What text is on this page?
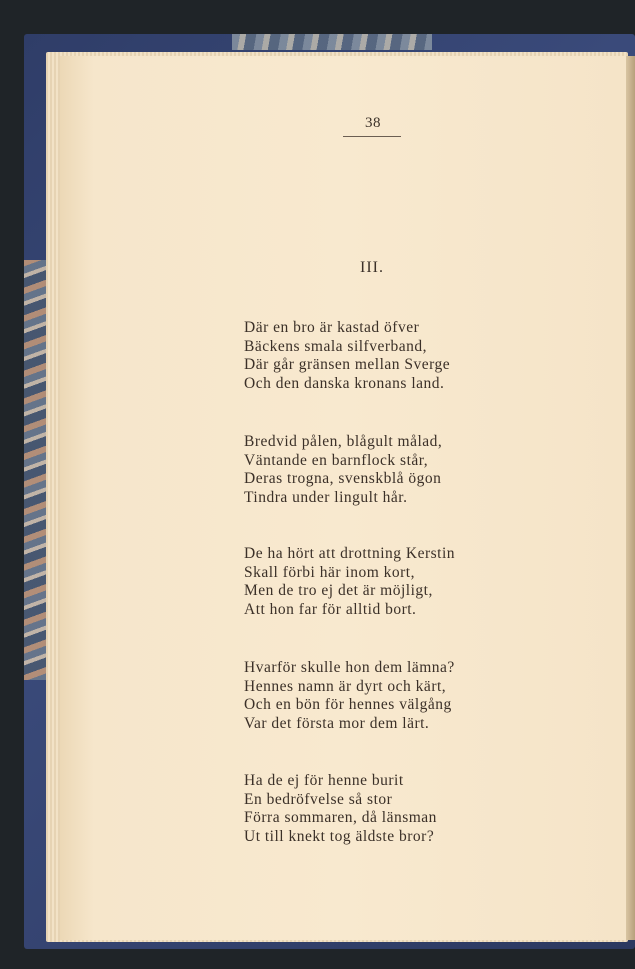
38
III.
Där en bro är kastad öfver
Bäckens smala silfverband,
Där går gränsen mellan Sverge
Och den danska kronans land.
Bredvid pålen, blågult målad,
Väntande en barnflock står,
Deras trogna, svenskblå ögon
Tindra under lingult hår.
De ha hört att drottning Kerstin
Skall förbi här inom kort,
Men de tro ej det är möjligt,
Att hon far för alltid bort.
Hvarför skulle hon dem lämna?
Hennes namn är dyrt och kärt,
Och en bön för hennes välgång
Var det första mor dem lärt.
Ha de ej för henne burit
En bedröfvelse så stor
Förra sommaren, då länsman
Ut till knekt tog äldste bror?
